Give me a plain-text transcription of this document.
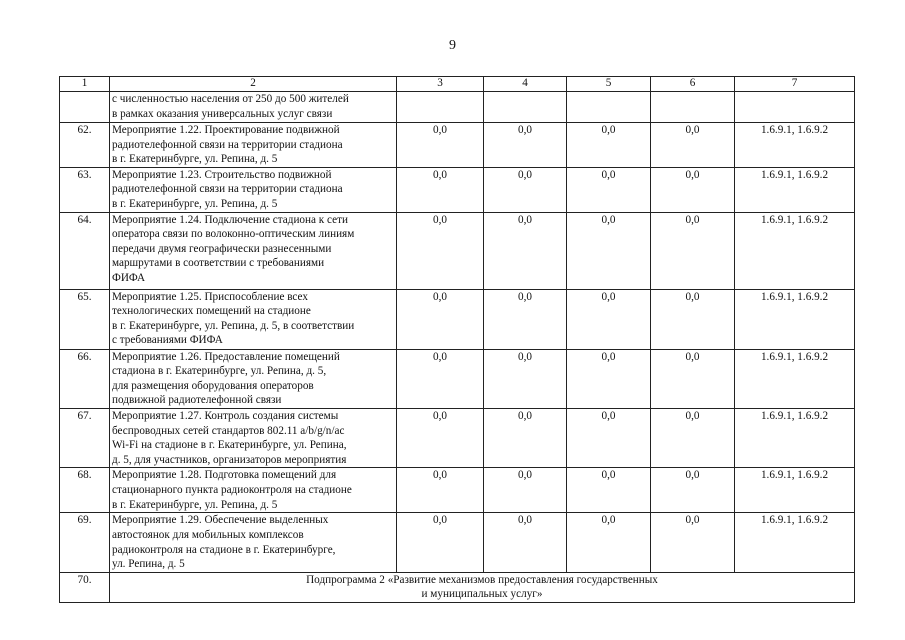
9
1	2	3	4	5	6	7
	с численностью населения от 250 до 500 жителей
в рамках оказания универсальных услуг связи					
62.	Мероприятие 1.22. Проектирование подвижной
радиотелефонной связи на территории стадиона
в г. Екатеринбурге, ул. Репина, д. 5	0,0	0,0	0,0	0,0	1.6.9.1, 1.6.9.2
63.	Мероприятие 1.23. Строительство подвижной
радиотелефонной связи на территории стадиона
в г. Екатеринбурге, ул. Репина, д. 5	0,0	0,0	0,0	0,0	1.6.9.1, 1.6.9.2
64.	Мероприятие 1.24. Подключение стадиона к сети
оператора связи по волоконно-оптическим линиям
передачи двумя географически разнесенными
маршрутами в соответствии с требованиями
ФИФА	0,0	0,0	0,0	0,0	1.6.9.1, 1.6.9.2
65.	Мероприятие 1.25. Приспособление всех
технологических помещений на стадионе
в г. Екатеринбурге, ул. Репина, д. 5, в соответствии
с требованиями ФИФА	0,0	0,0	0,0	0,0	1.6.9.1, 1.6.9.2
66.	Мероприятие 1.26. Предоставление помещений
стадиона в г. Екатеринбурге, ул. Репина, д. 5,
для размещения оборудования операторов
подвижной радиотелефонной связи	0,0	0,0	0,0	0,0	1.6.9.1, 1.6.9.2
67.	Мероприятие 1.27. Контроль создания системы
беспроводных сетей стандартов 802.11 a/b/g/n/ac
Wi-Fi на стадионе в г. Екатеринбурге, ул. Репина,
д. 5, для участников, организаторов мероприятия	0,0	0,0	0,0	0,0	1.6.9.1, 1.6.9.2
68.	Мероприятие 1.28. Подготовка помещений для
стационарного пункта радиоконтроля на стадионе
в г. Екатеринбурге, ул. Репина, д. 5	0,0	0,0	0,0	0,0	1.6.9.1, 1.6.9.2
69.	Мероприятие 1.29. Обеспечение выделенных
автостоянок для мобильных комплексов
радиоконтроля на стадионе в г. Екатеринбурге,
ул. Репина, д. 5	0,0	0,0	0,0	0,0	1.6.9.1, 1.6.9.2
70.	Подпрограмма 2 «Развитие механизмов предоставления государственных
и муниципальных услуг»					
